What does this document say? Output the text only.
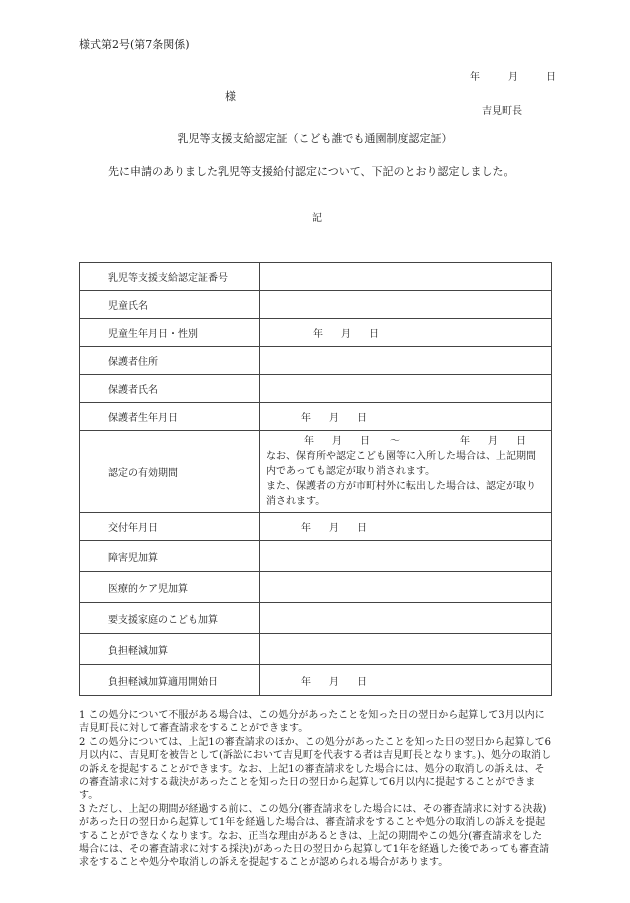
様式第2号(第7条関係)
年	月	日
様
吉見町長
乳児等支援支給認定証（こども誰でも通園制度認定証）
先に申請のありました乳児等支援給付認定について、下記のとおり認定しました。
記
乳児等支援支給認定証番号	
児童氏名	
児童生年月日・性別	年 月 日
保護者住所	
保護者氏名	
保護者生年月日	年 月 日
認定の有効期間	年 月 日 ～ 年 月 日
なお、保育所や認定こども園等に入所した場合は、上記期間内であっても認定が取り消されます。
また、保護者の方が市町村外に転出した場合は、認定が取り消されます。

交付年月日	年 月 日
障害児加算	
医療的ケア児加算	
要支援家庭のこども加算	
負担軽減加算	
負担軽減加算適用開始日	年 月 日

1 この処分について不服がある場合は、この処分があったことを知った日の翌日から起算して3月以内に吉見町長に対して審査請求をすることができます。

2 この処分については、上記1の審査請求のほか、この処分があったことを知った日の翌日から起算して6月以内に、吉見町を被告として(訴訟において吉見町を代表する者は吉見町長となります。)、処分の取消しの訴えを提起することができます。なお、上記1の審査請求をした場合には、処分の取消しの訴えは、その審査請求に対する裁決があったことを知った日の翌日から起算して6月以内に提起することができます。

3 ただし、上記の期間が経過する前に、この処分(審査請求をした場合には、その審査請求に対する決裁)があった日の翌日から起算して1年を経過した場合は、審査請求をすることや処分の取消しの訴えを提起することができなくなります。なお、正当な理由があるときは、上記の期間やこの処分(審査請求をした場合には、その審査請求に対する採決)があった日の翌日から起算して1年を経過した後であっても審査請求をすることや処分や取消しの訴えを提起することが認められる場合があります。
